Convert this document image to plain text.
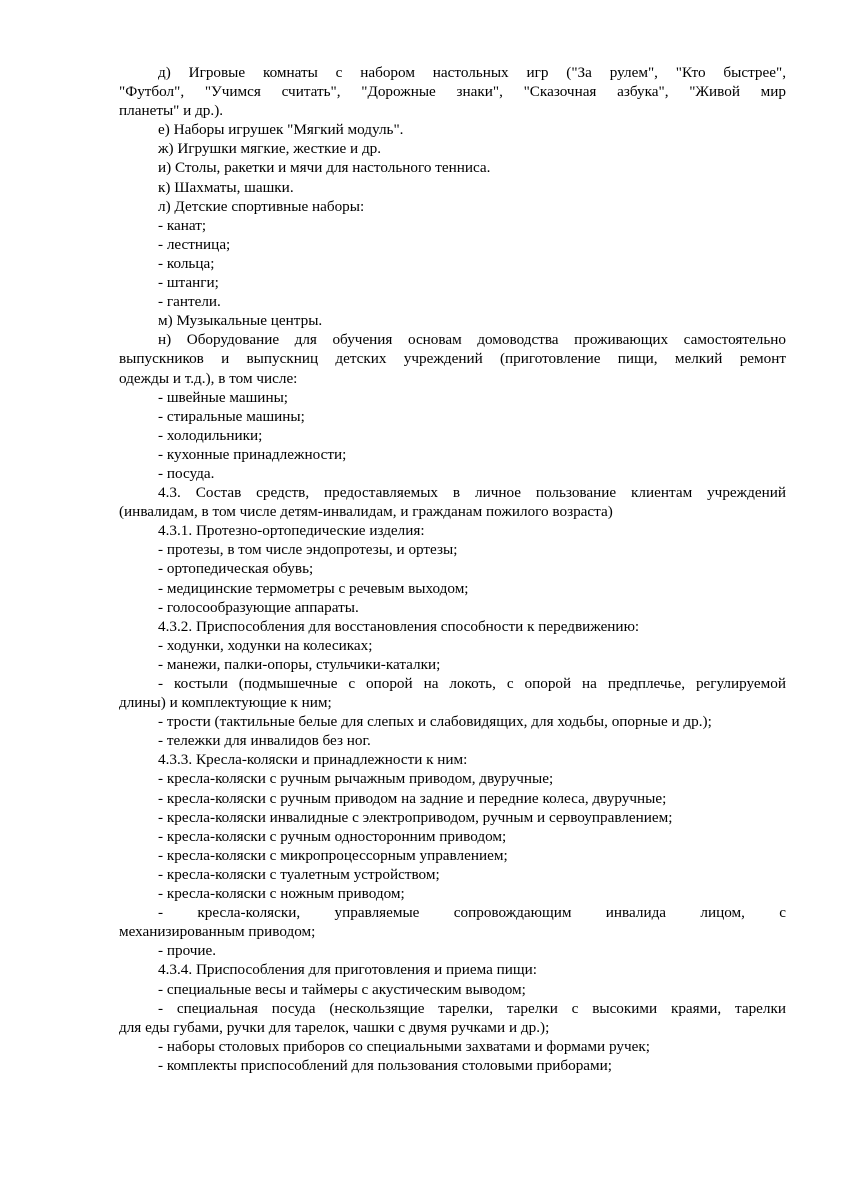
д) Игровые комнаты с набором настольных игр ("За рулем", "Кто быстрее",
"Футбол", "Учимся считать", "Дорожные знаки", "Сказочная азбука", "Живой мир
планеты" и др.).
е) Наборы игрушек "Мягкий модуль".
ж) Игрушки мягкие, жесткие и др.
и) Столы, ракетки и мячи для настольного тенниса.
к) Шахматы, шашки.
л) Детские спортивные наборы:
- канат;
- лестница;
- кольца;
- штанги;
- гантели.
м) Музыкальные центры.
н) Оборудование для обучения основам домоводства проживающих самостоятельно
выпускников и выпускниц детских учреждений (приготовление пищи, мелкий ремонт
одежды и т.д.), в том числе:
- швейные машины;
- стиральные машины;
- холодильники;
- кухонные принадлежности;
- посуда.
4.3. Состав средств, предоставляемых в личное пользование клиентам учреждений
(инвалидам, в том числе детям-инвалидам, и гражданам пожилого возраста)
4.3.1. Протезно-ортопедические изделия:
- протезы, в том числе эндопротезы, и ортезы;
- ортопедическая обувь;
- медицинские термометры с речевым выходом;
- голосообразующие аппараты.
4.3.2. Приспособления для восстановления способности к передвижению:
- ходунки, ходунки на колесиках;
- манежи, палки-опоры, стульчики-каталки;
- костыли (подмышечные с опорой на локоть, с опорой на предплечье, регулируемой
длины) и комплектующие к ним;
- трости (тактильные белые для слепых и слабовидящих, для ходьбы, опорные и др.);
- тележки для инвалидов без ног.
4.3.3. Кресла-коляски и принадлежности к ним:
- кресла-коляски с ручным рычажным приводом, двуручные;
- кресла-коляски с ручным приводом на задние и передние колеса, двуручные;
- кресла-коляски инвалидные с электроприводом, ручным и сервоуправлением;
- кресла-коляски с ручным односторонним приводом;
- кресла-коляски с микропроцессорным управлением;
- кресла-коляски с туалетным устройством;
- кресла-коляски с ножным приводом;
- кресла-коляски, управляемые сопровождающим инвалида лицом, с
механизированным приводом;
- прочие.
4.3.4. Приспособления для приготовления и приема пищи:
- специальные весы и таймеры с акустическим выводом;
- специальная посуда (нескользящие тарелки, тарелки с высокими краями, тарелки
для еды губами, ручки для тарелок, чашки с двумя ручками и др.);
- наборы столовых приборов со специальными захватами и формами ручек;
- комплекты приспособлений для пользования столовыми приборами;
